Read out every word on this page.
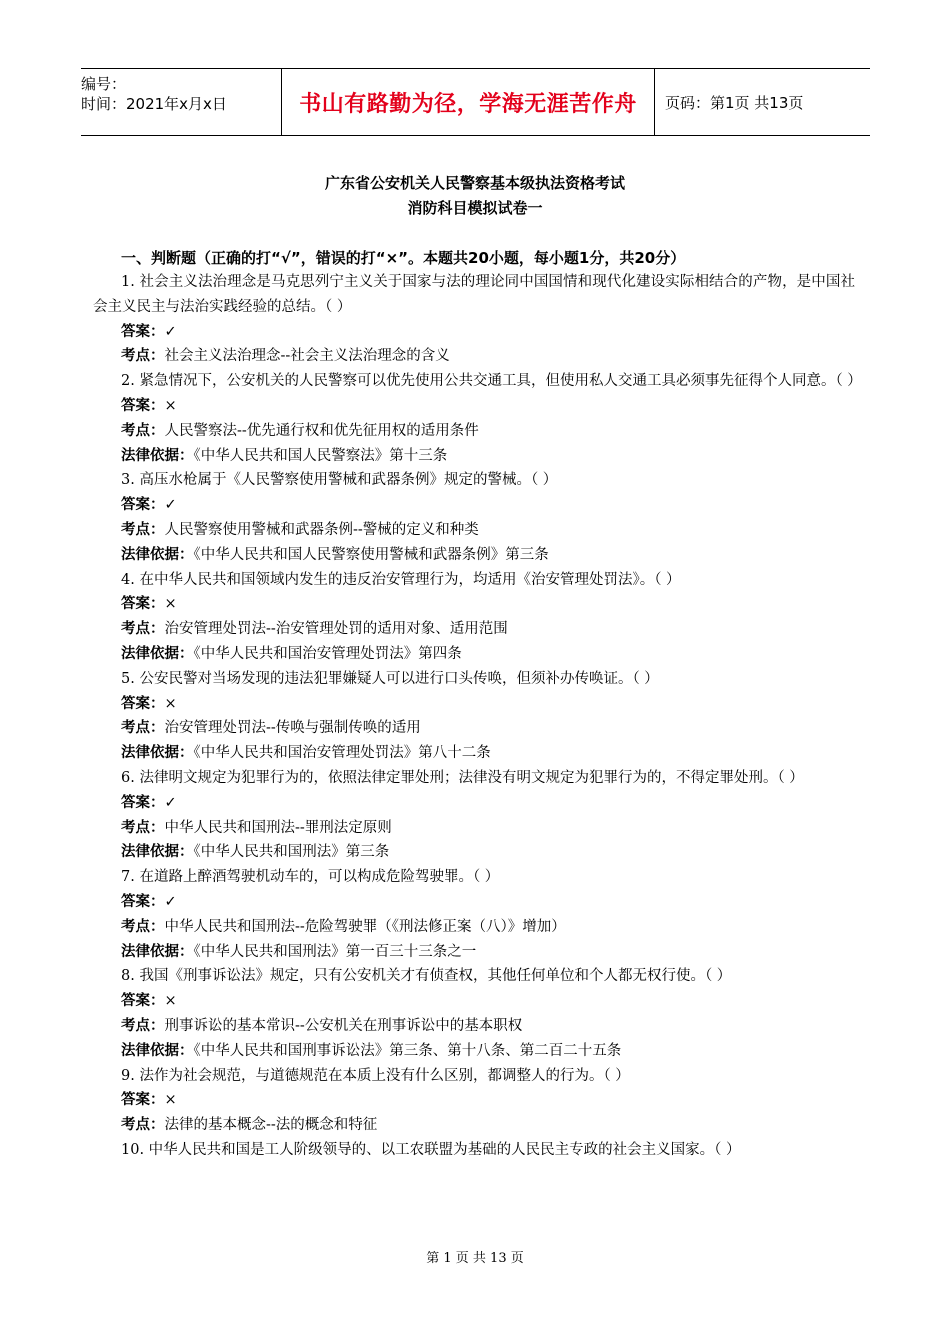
编号：
时间：2021年x月x日	书山有路勤为径，学海无涯苦作舟	页码：第1页 共13页
广东省公安机关人民警察基本级执法资格考试
消防科目模拟试卷一
一、判断题（正确的打“√”，错误的打“×”。本题共20小题，每小题1分，共20分）

1. 社会主义法治理念是马克思列宁主义关于国家与法的理论同中国国情和现代化建设实际相结合的产物，是中国社会主义民主与法治实践经验的总结。（ ）

答案：✓
考点：社会主义法治理念--社会主义法治理念的含义

2. 紧急情况下，公安机关的人民警察可以优先使用公共交通工具，但使用私人交通工具必须事先征得个人同意。（ ）

答案：×
考点：人民警察法--优先通行权和优先征用权的适用条件
法律依据：《中华人民共和国人民警察法》第十三条

3. 高压水枪属于《人民警察使用警械和武器条例》规定的警械。（ ）

答案：✓
考点：人民警察使用警械和武器条例--警械的定义和种类
法律依据：《中华人民共和国人民警察使用警械和武器条例》第三条

4. 在中华人民共和国领域内发生的违反治安管理行为，均适用《治安管理处罚法》。（ ）

答案：×
考点：治安管理处罚法--治安管理处罚的适用对象、适用范围
法律依据：《中华人民共和国治安管理处罚法》第四条

5. 公安民警对当场发现的违法犯罪嫌疑人可以进行口头传唤，但须补办传唤证。（ ）

答案：×
考点：治安管理处罚法--传唤与强制传唤的适用
法律依据：《中华人民共和国治安管理处罚法》第八十二条

6. 法律明文规定为犯罪行为的，依照法律定罪处刑；法律没有明文规定为犯罪行为的，不得定罪处刑。（ ）

答案：✓
考点：中华人民共和国刑法--罪刑法定原则
法律依据：《中华人民共和国刑法》第三条

7. 在道路上醉酒驾驶机动车的，可以构成危险驾驶罪。（ ）

答案：✓
考点：中华人民共和国刑法--危险驾驶罪（《刑法修正案（八）》增加）
法律依据：《中华人民共和国刑法》第一百三十三条之一

8. 我国《刑事诉讼法》规定，只有公安机关才有侦查权，其他任何单位和个人都无权行使。（ ）

答案：×
考点：刑事诉讼的基本常识--公安机关在刑事诉讼中的基本职权
法律依据：《中华人民共和国刑事诉讼法》第三条、第十八条、第二百二十五条

9. 法作为社会规范，与道德规范在本质上没有什么区别，都调整人的行为。（ ）

答案：×
考点：法律的基本概念--法的概念和特征

10. 中华人民共和国是工人阶级领导的、以工农联盟为基础的人民民主专政的社会主义国家。（ ）

第 1 页 共 13 页
